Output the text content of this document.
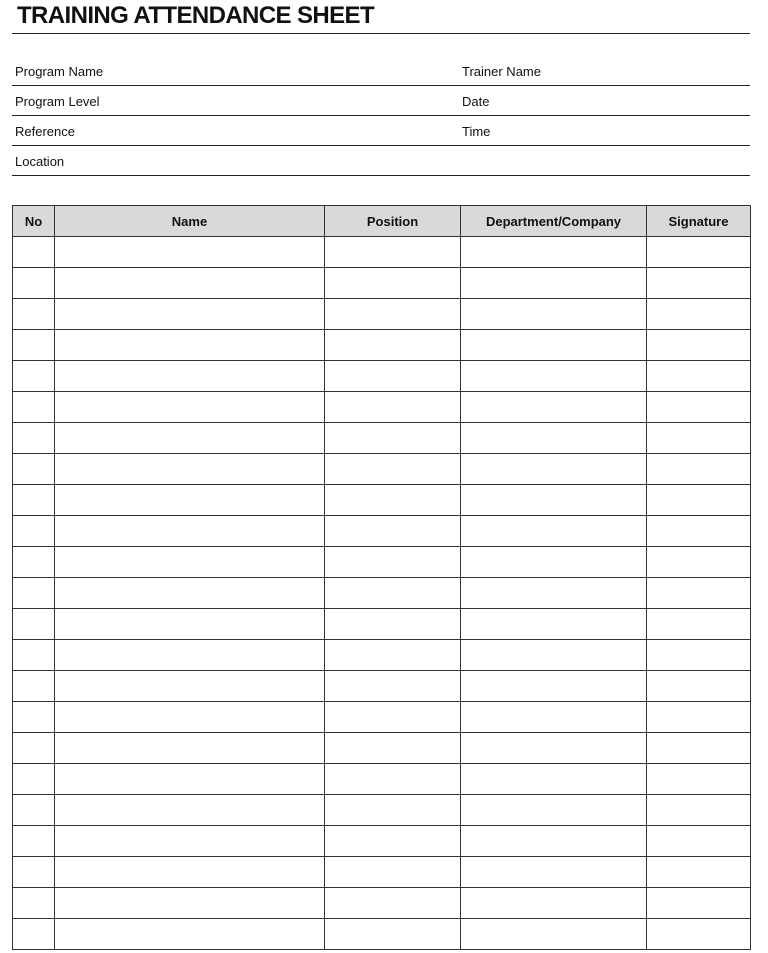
TRAINING ATTENDANCE SHEET
Program Name	Trainer Name
Program Level	Date
Reference	Time
Location
No	Name	Position	Department/Company	Signature
